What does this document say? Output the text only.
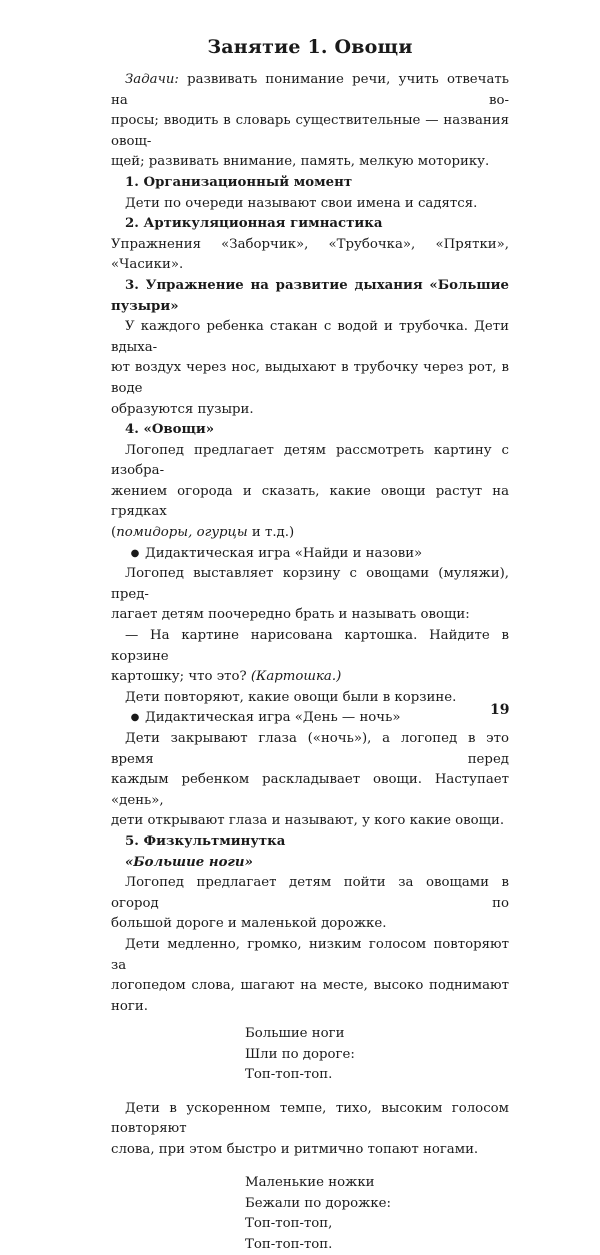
Занятие 1. Овощи

Задачи: развивать понимание речи, учить отвечать на во-

просы; вводить в словарь существительные — названия овощ-

щей; развивать внимание, память, мелкую моторику.

1. Организационный момент

Дети по очереди называют свои имена и садятся.

2. Артикуляционная гимнастика

Упражнения «Заборчик», «Трубочка», «Прятки», «Часики».

3. Упражнение на развитие дыхания «Большие пузыри»

У каждого ребенка стакан с водой и трубочка. Дети вдыха-

ют воздух через нос, выдыхают в трубочку через рот, в воде

образуются пузыри.

4. «Овощи»

Логопед предлагает детям рассмотреть картину с изобра-

жением огорода и сказать, какие овощи растут на грядках

(помидоры, огурцы и т.д.)

● Дидактическая игра «Найди и назови»

Логопед выставляет корзину с овощами (муляжи), пред-

лагает детям поочередно брать и называть овощи:

— На картине нарисована картошка. Найдите в корзине

картошку; что это? (Картошка.)

Дети повторяют, какие овощи были в корзине.

● Дидактическая игра «День — ночь»

Дети закрывают глаза («ночь»), а логопед в это время перед

каждым ребенком раскладывает овощи. Наступает «день»,

дети открывают глаза и называют, у кого какие овощи.

5. Физкультминутка

«Большие ноги»

Логопед предлагает детям пойти за овощами в огород по

большой дороге и маленькой дорожке.

Дети медленно, громко, низким голосом повторяют за

логопедом слова, шагают на месте, высоко поднимают ноги.

Большие ноги

Шли по дороге:

Топ-топ-топ.

Дети в ускоренном темпе, тихо, высоким голосом повторяют

слова, при этом быстро и ритмично топают ногами.

Маленькие ножки

Бежали по дорожке:

Топ-топ-топ,

Топ-топ-топ.

19
